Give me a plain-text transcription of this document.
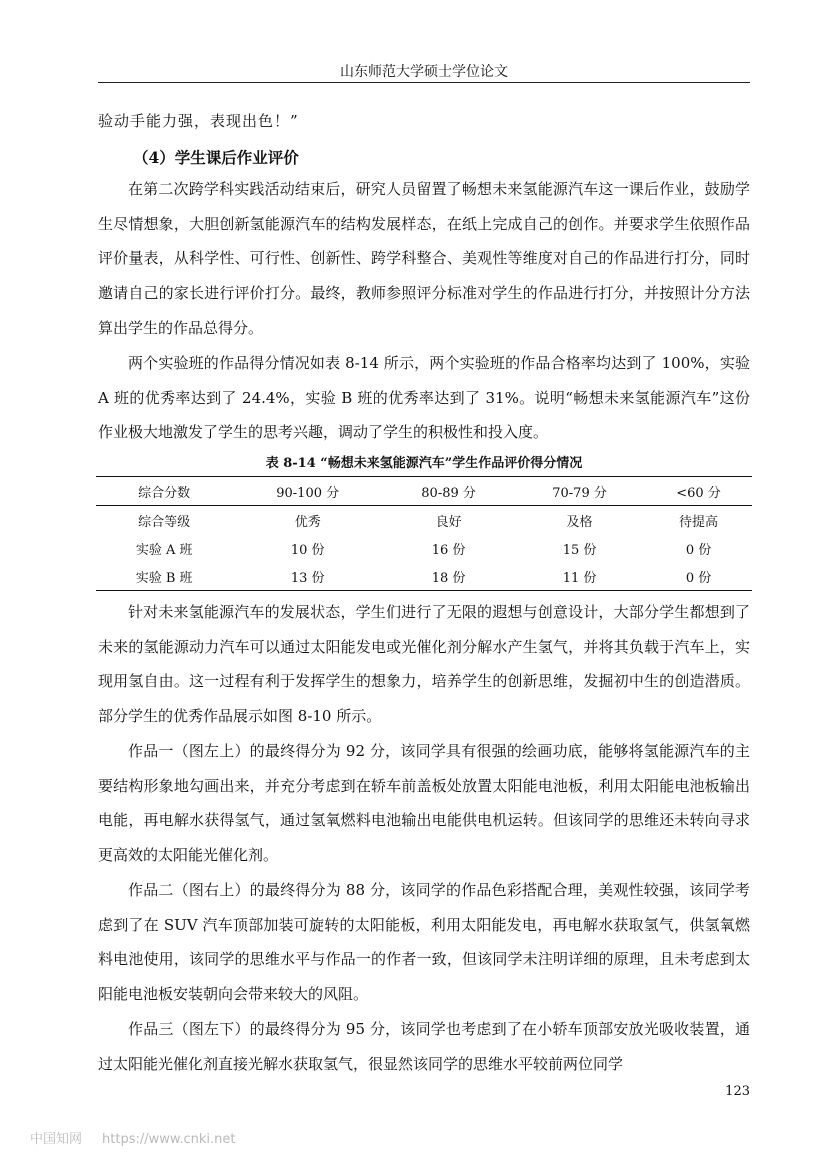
山东师范大学硕士学位论文

验动手能力强，表现出色！”

（4）学生课后作业评价

在第二次跨学科实践活动结束后，研究人员留置了畅想未来氢能源汽车这一课后作业，鼓励学生尽情想象，大胆创新氢能源汽车的结构发展样态，在纸上完成自己的创作。并要求学生依照作品评价量表，从科学性、可行性、创新性、跨学科整合、美观性等维度对自己的作品进行打分，同时邀请自己的家长进行评价打分。最终，教师参照评分标准对学生的作品进行打分，并按照计分方法算出学生的作品总得分。

两个实验班的作品得分情况如表 8-14 所示，两个实验班的作品合格率均达到了 100%，实验 A 班的优秀率达到了 24.4%，实验 B 班的优秀率达到了 31%。说明“畅想未来氢能源汽车”这份作业极大地激发了学生的思考兴趣，调动了学生的积极性和投入度。

表 8-14 “畅想未来氢能源汽车”学生作品评价得分情况
综合分数	90-100 分	80-89 分	70-79 分	<60 分
综合等级	优秀	良好	及格	待提高
实验 A 班	10 份	16 份	15 份	0 份
实验 B 班	13 份	18 份	11 份	0 份

针对未来氢能源汽车的发展状态，学生们进行了无限的遐想与创意设计，大部分学生都想到了未来的氢能源动力汽车可以通过太阳能发电或光催化剂分解水产生氢气，并将其负载于汽车上，实现用氢自由。这一过程有利于发挥学生的想象力，培养学生的创新思维，发掘初中生的创造潜质。部分学生的优秀作品展示如图 8-10 所示。

作品一（图左上）的最终得分为 92 分，该同学具有很强的绘画功底，能够将氢能源汽车的主要结构形象地勾画出来，并充分考虑到在轿车前盖板处放置太阳能电池板，利用太阳能电池板输出电能，再电解水获得氢气，通过氢氧燃料电池输出电能供电机运转。但该同学的思维还未转向寻求更高效的太阳能光催化剂。

作品二（图右上）的最终得分为 88 分，该同学的作品色彩搭配合理，美观性较强，该同学考虑到了在 SUV 汽车顶部加装可旋转的太阳能板，利用太阳能发电，再电解水获取氢气，供氢氧燃料电池使用，该同学的思维水平与作品一的作者一致，但该同学未注明详细的原理，且未考虑到太阳能电池板安装朝向会带来较大的风阻。

作品三（图左下）的最终得分为 95 分，该同学也考虑到了在小轿车顶部安放光吸收装置，通过太阳能光催化剂直接光解水获取氢气，很显然该同学的思维水平较前两位同学

123
中国知网 https://www.cnki.net
